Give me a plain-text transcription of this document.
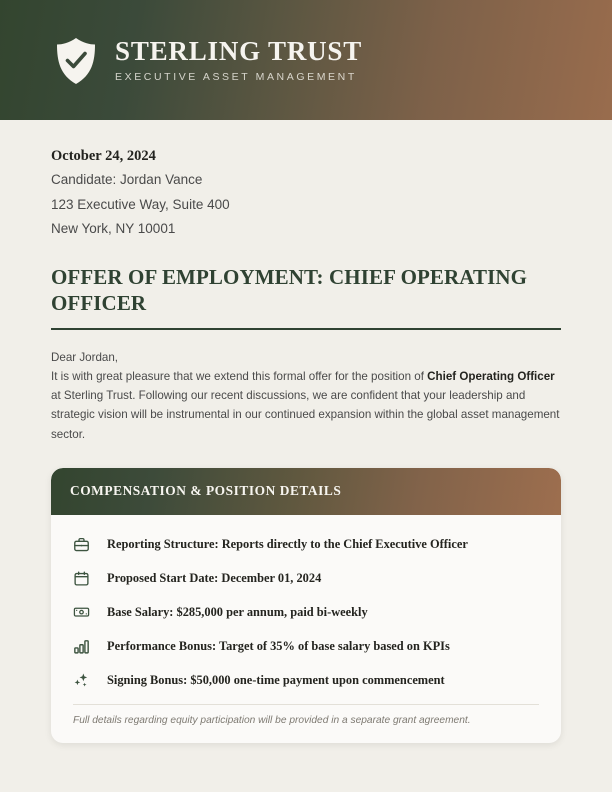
STERLING TRUST
EXECUTIVE ASSET MANAGEMENT
October 24, 2024
Candidate: Jordan Vance
123 Executive Way, Suite 400
New York, NY 10001
OFFER OF EMPLOYMENT: CHIEF OPERATING OFFICER
Dear Jordan,
It is with great pleasure that we extend this formal offer for the position of Chief Operating Officer at Sterling Trust. Following our recent discussions, we are confident that your leadership and strategic vision will be instrumental in our continued expansion within the global asset management sector.
COMPENSATION & POSITION DETAILS
Reporting Structure: Reports directly to the Chief Executive Officer
Proposed Start Date: December 01, 2024
Base Salary: $285,000 per annum, paid bi-weekly
Performance Bonus: Target of 35% of base salary based on KPIs
Signing Bonus: $50,000 one-time payment upon commencement
Full details regarding equity participation will be provided in a separate grant agreement.
